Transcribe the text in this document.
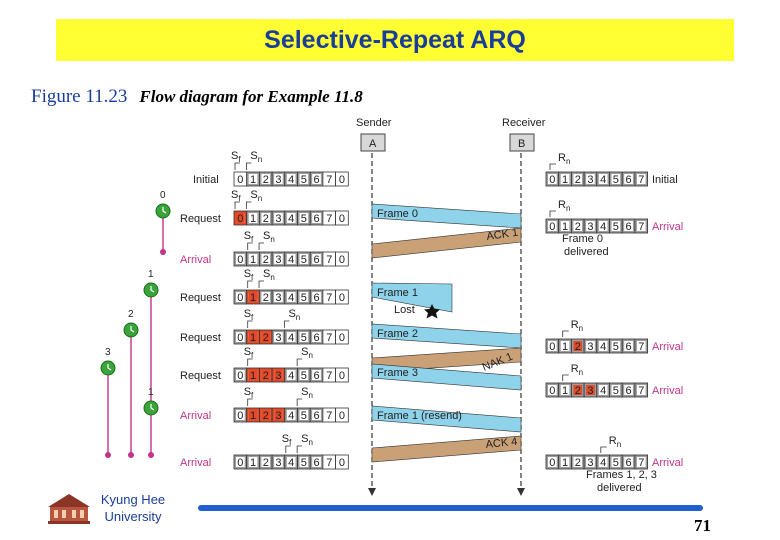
Selective-Repeat ARQ
Figure 11.23 Flow diagram for Example 11.8
Sender	Receiver
A	B
Frame 0
ACK 1
Frame 1
Frame 2
NAK 1
Frame 3
Frame 1 (resend)
ACK 4
Lost
0 1 2 3 4 5 6 7 0
$S_f$ $S_n$
Initial
0 1 2 3 4 5 6 7 0
$S_f$ $S_n$
Request
0 1 2 3 4 5 6 7 0
$S_f$ $S_n$
Arrival
0 1 2 3 4 5 6 7 0
$S_f$ $S_n$
Request
0 1 2 3 4 5 6 7 0
$S_f$	$S_n$
Request
0 1 2 3 4 5 6 7 0
$S_f$	$S_n$
Request
0 1 2 3 4 5 6 7 0
$S_f$	$S_n$
Arrival
0 1 2 3 4 5 6 7 0
$S_f$ $S_n$
Arrival
0 1 2 3 4 5 6 7
$R_n$
Initial
0 1 2 3 4 5 6 7
$R_n$
Arrival
0 1 2 3 4 5 6 7
$R_n$
Arrival
0 1 2 3 4 5 6 7
$R_n$
Arrival
0 1 2 3 4 5 6 7
$R_n$
Arrival
Frame 0
delivered
Frames 1, 2, 3
delivered
0
1
2
3
1
Kyung Hee
University	71
